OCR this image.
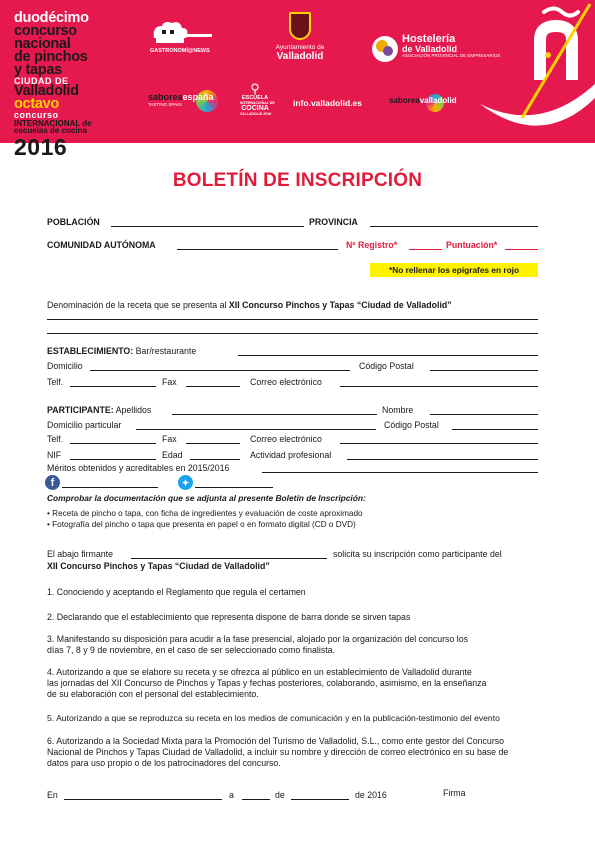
duodécimo
concurso
nacional
de pinchos
y tapas
CIUDAD DE
Valladolid
octavo
concurso
INTERNACIONAL de
escuelas de cocina
2016
GASTRONOMÍ@NEWS	Ayuntamiento de
Valladolid
Hostelería
de Valladolid
ASOCIACIÓN PROVINCIAL DE EMPRESARIOS
saboreaespaña
TASTING SPAIN
⚲
ESCUELA
INTERNACIONAL DE
COCINA
VALLADOLID 2016
info.valladolid.es	saboreavalladolid
BOLETÍN DE INSCRIPCIÓN
POBLACIÓN	PROVINCIA
COMUNIDAD AUTÓNOMA	Nº Registro*	Puntuación*
*No rellenar los epígrafes en rojo
Denominación de la receta que se presenta al XII Concurso Pinchos y Tapas “Ciudad de Valladolid”
ESTABLECIMIENTO: Bar/restaurante
Domicilio	Código Postal
Telf.	Fax	Correo electrónico
PARTICIPANTE: Apellidos	Nombre
Domicilio particular	Código Postal
Telf.	Fax	Correo electrónico
NIF	Edad	Actividad profesional
Méritos obtenidos y acreditables en 2015/2016
f	✦
Comprobar la documentación que se adjunta al presente Boletín de Inscripción:
• Receta de pincho o tapa, con ficha de ingredientes y evaluación de coste aproximado
• Fotografía del pincho o tapa que presenta en papel o en formato digital (CD o DVD)
El abajo firmante	solicita su inscripción como participante del
XII Concurso Pinchos y Tapas “Ciudad de Valladolid”
1. Conociendo y aceptando el Reglamento que regula el certamen
2. Declarando que el establecimiento que representa dispone de barra donde se sirven tapas
3. Manifestando su disposición para acudir a la fase presencial, alojado por la organización del concurso los
días 7, 8 y 9 de noviembre, en el caso de ser seleccionado como finalista.
4. Autorizando a que se elabore su receta y se ofrezca al público en un establecimiento de Valladolid durante
las jornadas del XII Concurso de Pinchos y Tapas y fechas posteriores, colaborando, asimismo, en la enseñanza
de su elaboración con el personal del establecimiento.
5. Autorizando a que se reproduzca su receta en los medios de comunicación y en la publicación-testimonio del evento
6. Autorizando a la Sociedad Mixta para la Promoción del Turismo de Valladolid, S.L., como ente gestor del Concurso
Nacional de Pinchos y Tapas Ciudad de Valladolid, a incluir su nombre y dirección de correo electrónico en su base de
datos para uso propio o de los patrocinadores del concurso.
En	a	de	de 2016	Firma
